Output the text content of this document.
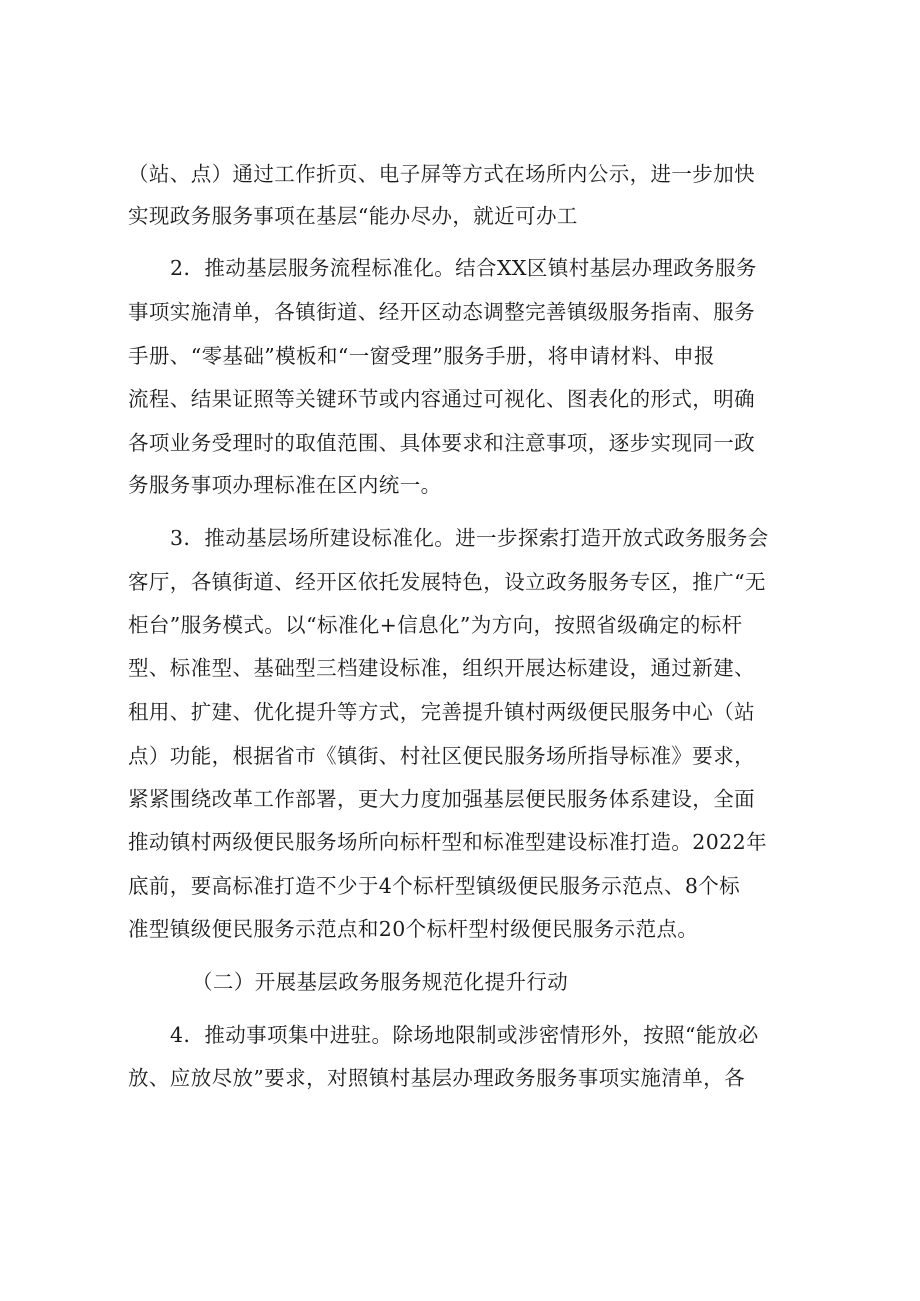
（站、点）通过工作折页、电子屏等方式在场所内公示，进一步加快
实现政务服务事项在基层“能办尽办，就近可办工
2．推动基层服务流程标准化。结合XX区镇村基层办理政务服务
事项实施清单，各镇街道、经开区动态调整完善镇级服务指南、服务
手册、“零基础”模板和“一窗受理”服务手册，将申请材料、申报
流程、结果证照等关键环节或内容通过可视化、图表化的形式，明确
各项业务受理时的取值范围、具体要求和注意事项，逐步实现同一政
务服务事项办理标准在区内统一。
3．推动基层场所建设标准化。进一步探索打造开放式政务服务会
客厅，各镇街道、经开区依托发展特色，设立政务服务专区，推广“无
柜台”服务模式。以“标准化+信息化”为方向，按照省级确定的标杆
型、标准型、基础型三档建设标准，组织开展达标建设，通过新建、
租用、扩建、优化提升等方式，完善提升镇村两级便民服务中心（站
点）功能，根据省市《镇街、村社区便民服务场所指导标准》要求，
紧紧围绕改革工作部署，更大力度加强基层便民服务体系建设，全面
推动镇村两级便民服务场所向标杆型和标准型建设标准打造。2022年
底前，要高标准打造不少于4个标杆型镇级便民服务示范点、8个标
准型镇级便民服务示范点和20个标杆型村级便民服务示范点。
（二）开展基层政务服务规范化提升行动
4．推动事项集中进驻。除场地限制或涉密情形外，按照“能放必
放、应放尽放”要求，对照镇村基层办理政务服务事项实施清单，各
